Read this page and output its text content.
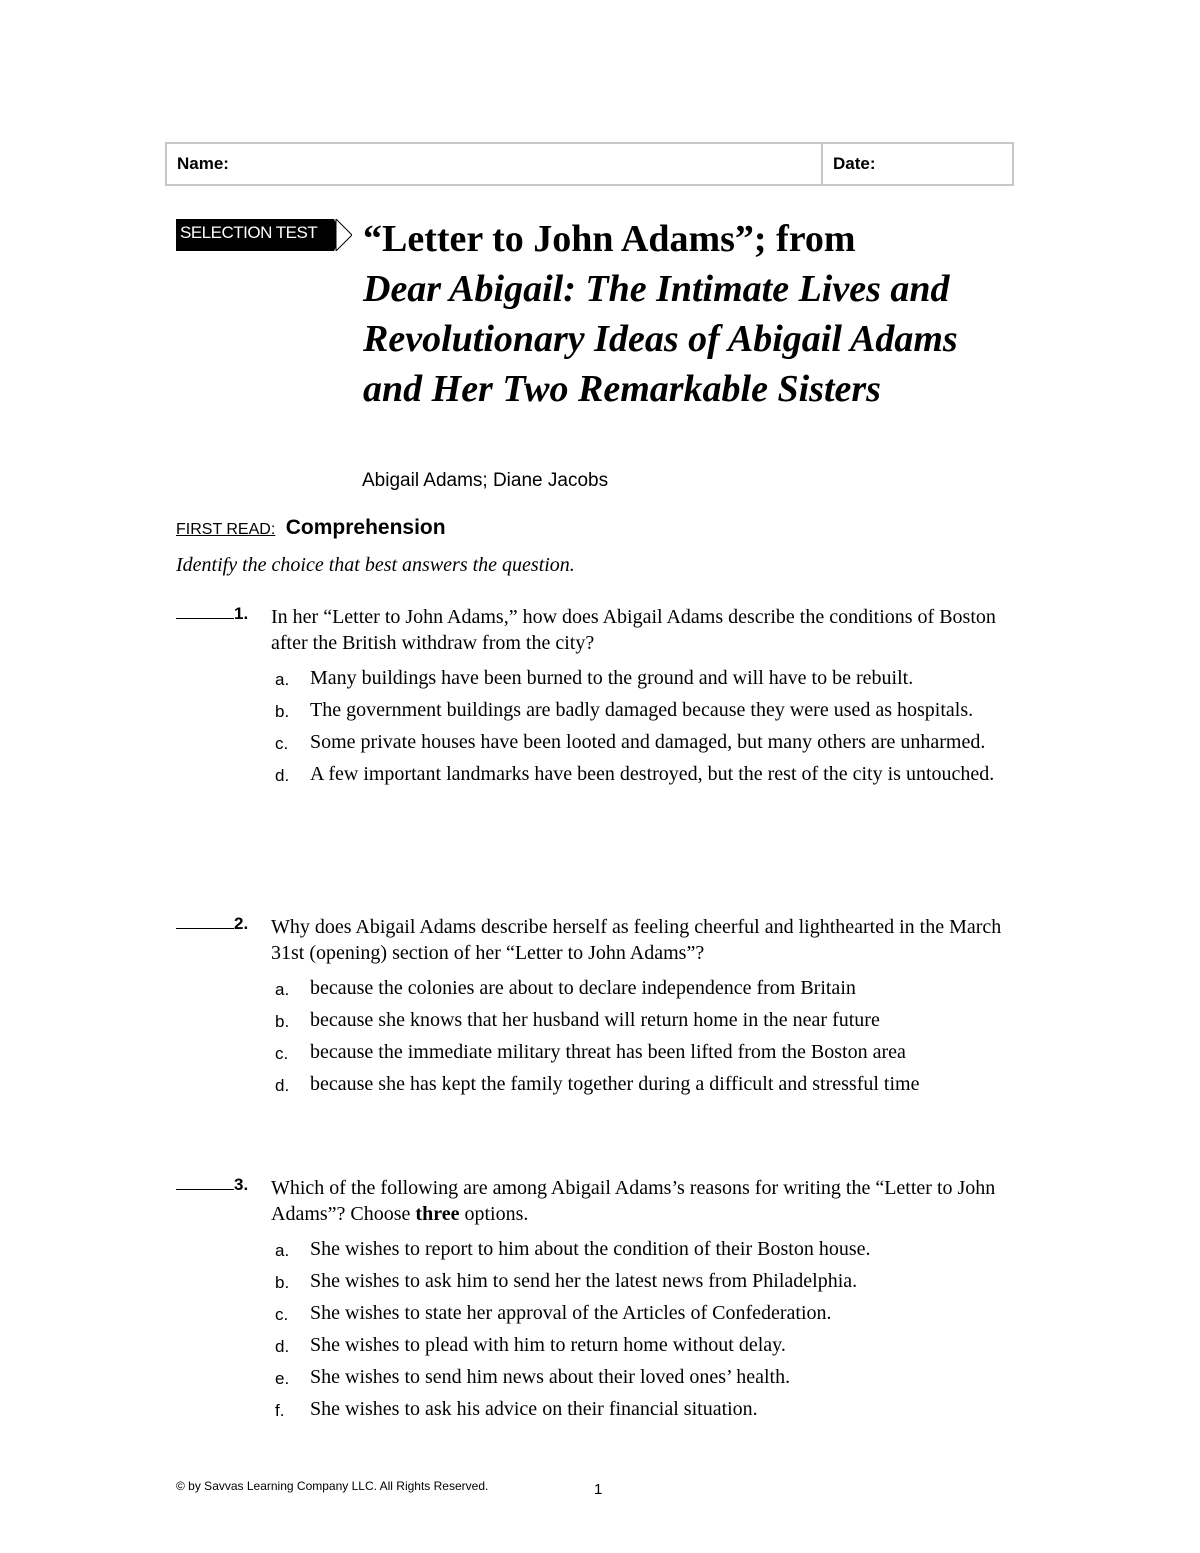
Name:	Date:
SELECTION TEST “Letter to John Adams”; from
Dear Abigail: The Intimate Lives and Revolutionary Ideas of Abigail Adams and Her Two Remarkable Sisters
Abigail Adams; Diane Jacobs
FIRST READ: Comprehension
Identify the choice that best answers the question.
1. In her “Letter to John Adams,” how does Abigail Adams describe the conditions of Boston after the British withdraw from the city?
a. Many buildings have been burned to the ground and will have to be rebuilt.
b. The government buildings are badly damaged because they were used as hospitals.
c. Some private houses have been looted and damaged, but many others are unharmed.
d. A few important landmarks have been destroyed, but the rest of the city is untouched.
2. Why does Abigail Adams describe herself as feeling cheerful and lighthearted in the March 31st (opening) section of her “Letter to John Adams”?
a. because the colonies are about to declare independence from Britain
b. because she knows that her husband will return home in the near future
c. because the immediate military threat has been lifted from the Boston area
d. because she has kept the family together during a difficult and stressful time
3. Which of the following are among Abigail Adams’s reasons for writing the “Letter to John Adams”? Choose three options.
a. She wishes to report to him about the condition of their Boston house.
b. She wishes to ask him to send her the latest news from Philadelphia.
c. She wishes to state her approval of the Articles of Confederation.
d. She wishes to plead with him to return home without delay.
e. She wishes to send him news about their loved ones’ health.
f. She wishes to ask his advice on their financial situation.
© by Savvas Learning Company LLC. All Rights Reserved.	1
